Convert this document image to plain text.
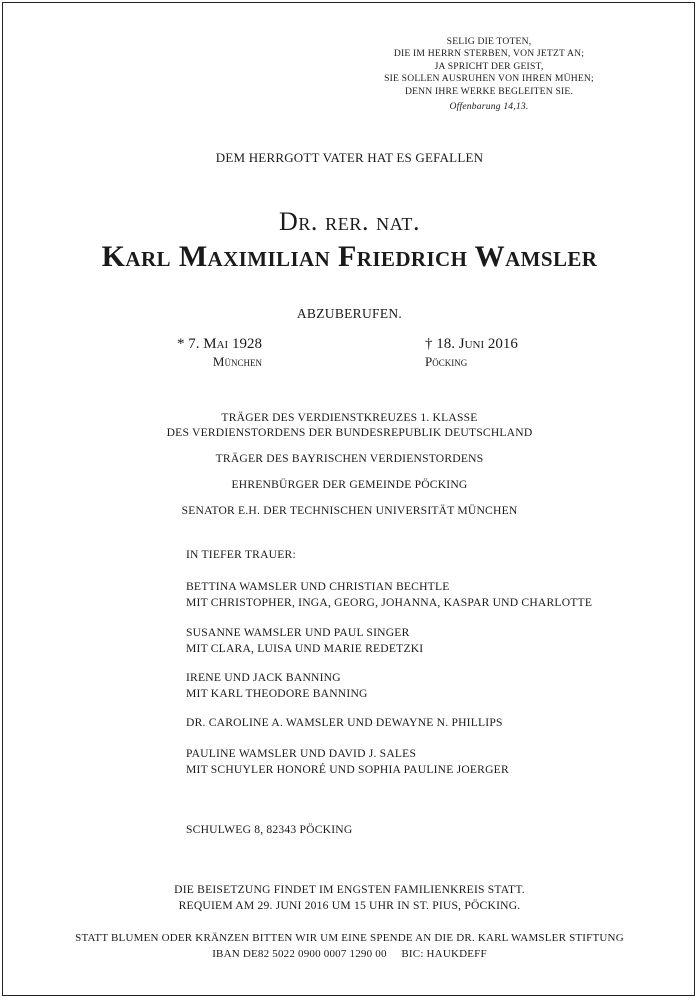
SELIG DIE TOTEN,
DIE IM HERRN STERBEN, VON JETZT AN;
JA SPRICHT DER GEIST,
SIE SOLLEN AUSRUHEN VON IHREN MÜHEN;
DENN IHRE WERKE BEGLEITEN SIE.
Offenbarung 14,13.
DEM HERRGOTT VATER HAT ES GEFALLEN
Dr. rer. nat.
Karl Maximilian Friedrich Wamsler
ABZUBERUFEN.
* 7. Mai 1928
München
† 18. Juni 2016
Pöcking
TRÄGER DES VERDIENSTKREUZES 1. KLASSE
DES VERDIENSTORDENS DER BUNDESREPUBLIK DEUTSCHLAND
TRÄGER DES BAYRISCHEN VERDIENSTORDENS
EHRENBÜRGER DER GEMEINDE PÖCKING
SENATOR E.H. DER TECHNISCHEN UNIVERSITÄT MÜNCHEN
IN TIEFER TRAUER:
BETTINA WAMSLER UND CHRISTIAN BECHTLE
MIT CHRISTOPHER, INGA, GEORG, JOHANNA, KASPAR UND CHARLOTTE
SUSANNE WAMSLER UND PAUL SINGER
MIT CLARA, LUISA UND MARIE REDETZKI
IRENE UND JACK BANNING
MIT KARL THEODORE BANNING
DR. CAROLINE A. WAMSLER UND DEWAYNE N. PHILLIPS
PAULINE WAMSLER UND DAVID J. SALES
MIT SCHUYLER HONORÉ UND SOPHIA PAULINE JOERGER
SCHULWEG 8, 82343 PÖCKING
DIE BEISETZUNG FINDET IM ENGSTEN FAMILIENKREIS STATT.
REQUIEM AM 29. JUNI 2016 UM 15 UHR IN ST. PIUS, PÖCKING.
STATT BLUMEN ODER KRÄNZEN BITTEN WIR UM EINE SPENDE AN DIE DR. KARL WAMSLER STIFTUNG
IBAN DE82 5022 0900 0007 1290 00     BIC: HAUKDEFF
